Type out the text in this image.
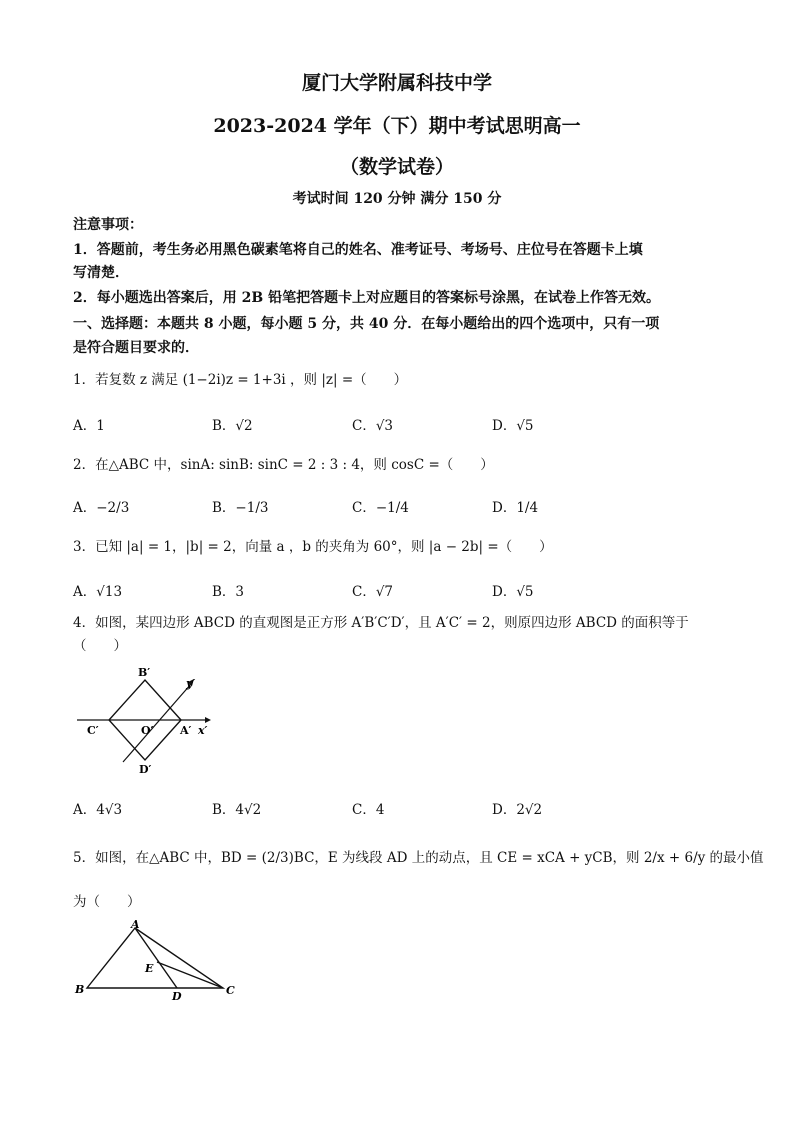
厦门大学附属科技中学
2023-2024 学年（下）期中考试思明高一
（数学试卷）
考试时间 120 分钟 满分 150 分
注意事项：
1．答题前，考生务必用黑色碳素笔将自己的姓名、准考证号、考场号、庄位号在答题卡上填
写清楚．
2．每小题选出答案后，用 2B 铅笔把答题卡上对应题目的答案标号涂黑，在试卷上作答无效。
一、选择题：本题共 8 小题，每小题 5 分，共 40 分．在每小题给出的四个选项中，只有一项
是符合题目要求的．
1．若复数 z 满足 (1−2i)z = 1+3i ，则 |z| =（　　）
A．1	B．√2	C．√3	D．√5
2．在△ABC 中，sinA: sinB: sinC = 2 : 3 : 4，则 cosC =（　　）
A．−2/3	B．−1/3	C．−1/4	D．1/4
3．已知 |a| = 1，|b| = 2，向量 a ，b 的夹角为 60°，则 |a − 2b| =（　　）
A．√13	B．3	C．√7	D．√5
4．如图，某四边形 ABCD 的直观图是正方形 A′B′C′D′，且 A′C′ = 2，则原四边形 ABCD 的面积等于
（　　）
B′
y′
C′	O′ A′ x′
D′
A．4√3	B．4√2	C．4	D．2√2
5．如图，在△ABC 中，BD = (2/3)BC，E 为线段 AD 上的动点，且 CE = xCA + yCB，则 2/x + 6/y 的最小值
为（　　）
A
E
B
D	C
